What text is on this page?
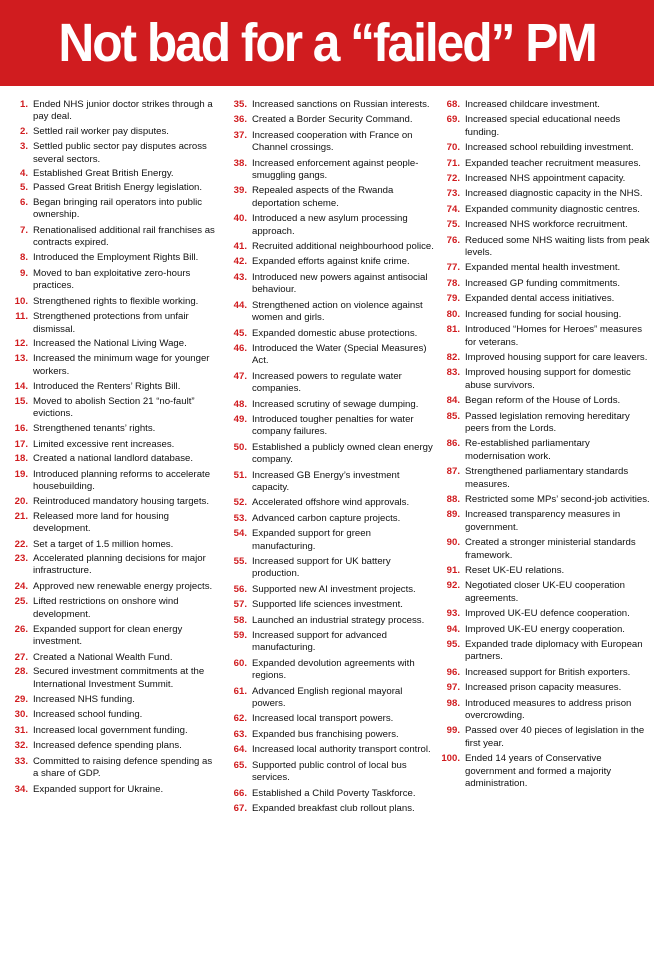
Not bad for a “failed” PM
1. Ended NHS junior doctor strikes through a pay deal.
2. Settled rail worker pay disputes.
3. Settled public sector pay disputes across several sectors.
4. Established Great British Energy.
5. Passed Great British Energy legislation.
6. Began bringing rail operators into public ownership.
7. Renationalised additional rail franchises as contracts expired.
8. Introduced the Employment Rights Bill.
9. Moved to ban exploitative zero-hours practices.
10. Strengthened rights to flexible working.
11. Strengthened protections from unfair dismissal.
12. Increased the National Living Wage.
13. Increased the minimum wage for younger workers.
14. Introduced the Renters’ Rights Bill.
15. Moved to abolish Section 21 “no-fault” evictions.
16. Strengthened tenants’ rights.
17. Limited excessive rent increases.
18. Created a national landlord database.
19. Introduced planning reforms to accelerate housebuilding.
20. Reintroduced mandatory housing targets.
21. Released more land for housing development.
22. Set a target of 1.5 million homes.
23. Accelerated planning decisions for major infrastructure.
24. Approved new renewable energy projects.
25. Lifted restrictions on onshore wind development.
26. Expanded support for clean energy investment.
27. Created a National Wealth Fund.
28. Secured investment commitments at the International Investment Summit.
29. Increased NHS funding.
30. Increased school funding.
31. Increased local government funding.
32. Increased defence spending plans.
33. Committed to raising defence spending as a share of GDP.
34. Expanded support for Ukraine.
35. Increased sanctions on Russian interests.
36. Created a Border Security Command.
37. Increased cooperation with France on Channel crossings.
38. Increased enforcement against people-smuggling gangs.
39. Repealed aspects of the Rwanda deportation scheme.
40. Introduced a new asylum processing approach.
41. Recruited additional neighbourhood police.
42. Expanded efforts against knife crime.
43. Introduced new powers against antisocial behaviour.
44. Strengthened action on violence against women and girls.
45. Expanded domestic abuse protections.
46. Introduced the Water (Special Measures) Act.
47. Increased powers to regulate water companies.
48. Increased scrutiny of sewage dumping.
49. Introduced tougher penalties for water company failures.
50. Established a publicly owned clean energy company.
51. Increased GB Energy’s investment capacity.
52. Accelerated offshore wind approvals.
53. Advanced carbon capture projects.
54. Expanded support for green manufacturing.
55. Increased support for UK battery production.
56. Supported new AI investment projects.
57. Supported life sciences investment.
58. Launched an industrial strategy process.
59. Increased support for advanced manufacturing.
60. Expanded devolution agreements with regions.
61. Advanced English regional mayoral powers.
62. Increased local transport powers.
63. Expanded bus franchising powers.
64. Increased local authority transport control.
65. Supported public control of local bus services.
66. Established a Child Poverty Taskforce.
67. Expanded breakfast club rollout plans.
68. Increased childcare investment.
69. Increased special educational needs funding.
70. Increased school rebuilding investment.
71. Expanded teacher recruitment measures.
72. Increased NHS appointment capacity.
73. Increased diagnostic capacity in the NHS.
74. Expanded community diagnostic centres.
75. Increased NHS workforce recruitment.
76. Reduced some NHS waiting lists from peak levels.
77. Expanded mental health investment.
78. Increased GP funding commitments.
79. Expanded dental access initiatives.
80. Increased funding for social housing.
81. Introduced “Homes for Heroes” measures for veterans.
82. Improved housing support for care leavers.
83. Improved housing support for domestic abuse survivors.
84. Began reform of the House of Lords.
85. Passed legislation removing hereditary peers from the Lords.
86. Re-established parliamentary modernisation work.
87. Strengthened parliamentary standards measures.
88. Restricted some MPs’ second-job activities.
89. Increased transparency measures in government.
90. Created a stronger ministerial standards framework.
91. Reset UK-EU relations.
92. Negotiated closer UK-EU cooperation agreements.
93. Improved UK-EU defence cooperation.
94. Improved UK-EU energy cooperation.
95. Expanded trade diplomacy with European partners.
96. Increased support for British exporters.
97. Increased prison capacity measures.
98. Introduced measures to address prison overcrowding.
99. Passed over 40 pieces of legislation in the first year.
100. Ended 14 years of Conservative government and formed a majority administration.
